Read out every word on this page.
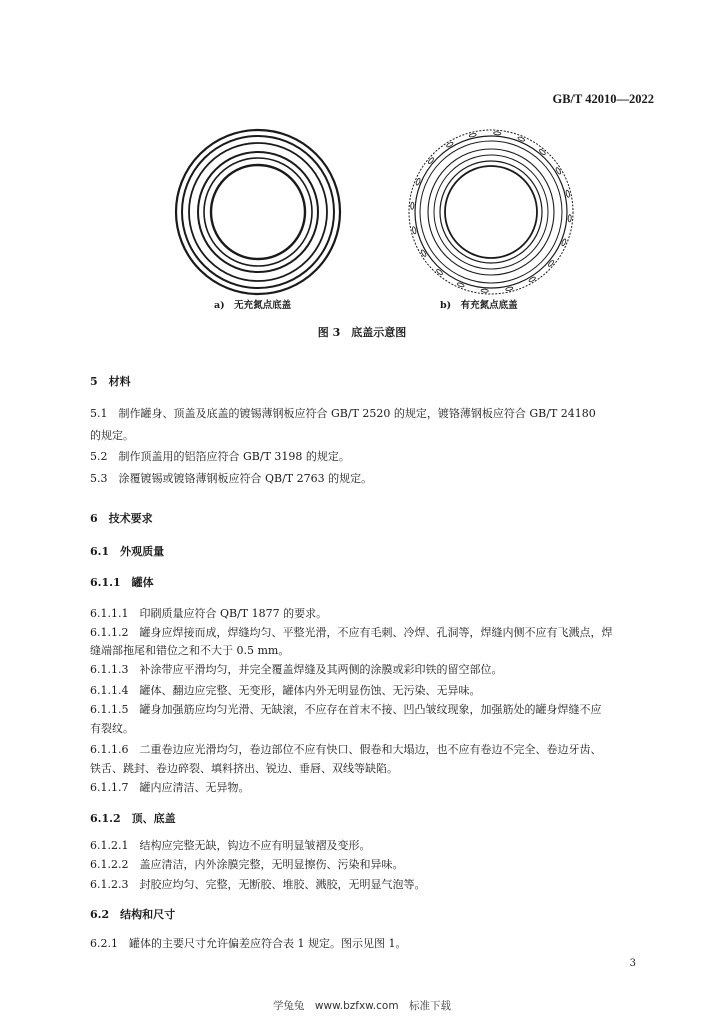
GB/T 42010—2022
a)　无充氮点底盖	b)　有充氮点底盖
图 3　底盖示意图
5　材料
5.1　制作罐身、顶盖及底盖的镀锡薄钢板应符合 GB/T 2520 的规定，镀铬薄钢板应符合 GB/T 24180
的规定。
5.2　制作顶盖用的铝箔应符合 GB/T 3198 的规定。
5.3　涂覆镀锡或镀铬薄钢板应符合 QB/T 2763 的规定。
6　技术要求
6.1　外观质量
6.1.1　罐体
6.1.1.1　印刷质量应符合 QB/T 1877 的要求。
6.1.1.2　罐身应焊接而成，焊缝均匀、平整光滑，不应有毛刺、冷焊、孔洞等，焊缝内侧不应有飞溅点，焊
缝端部拖尾和错位之和不大于 0.5 mm。
6.1.1.3　补涂带应平滑均匀，并完全覆盖焊缝及其两侧的涂膜或彩印铁的留空部位。
6.1.1.4　罐体、翻边应完整、无变形，罐体内外无明显伤蚀、无污染、无异味。
6.1.1.5　罐身加强筋应均匀光滑、无缺滚，不应存在首末不接、凹凸皱纹现象，加强筋处的罐身焊缝不应
有裂纹。
6.1.1.6　二重卷边应光滑均匀，卷边部位不应有快口、假卷和大塌边，也不应有卷边不完全、卷边牙齿、
铁舌、跳封、卷边碎裂、填料挤出、锐边、垂唇、双线等缺陷。
6.1.1.7　罐内应清洁、无异物。
6.1.2　顶、底盖
6.1.2.1　结构应完整无缺，钩边不应有明显皱褶及变形。
6.1.2.2　盖应清洁，内外涂膜完整，无明显擦伤、污染和异味。
6.1.2.3　封胶应均匀、完整，无断胶、堆胶、溅胶，无明显气泡等。
6.2　结构和尺寸
6.2.1　罐体的主要尺寸允许偏差应符合表 1 规定。图示见图 1。
3
学兔兔　www.bzfxw.com　标准下载
